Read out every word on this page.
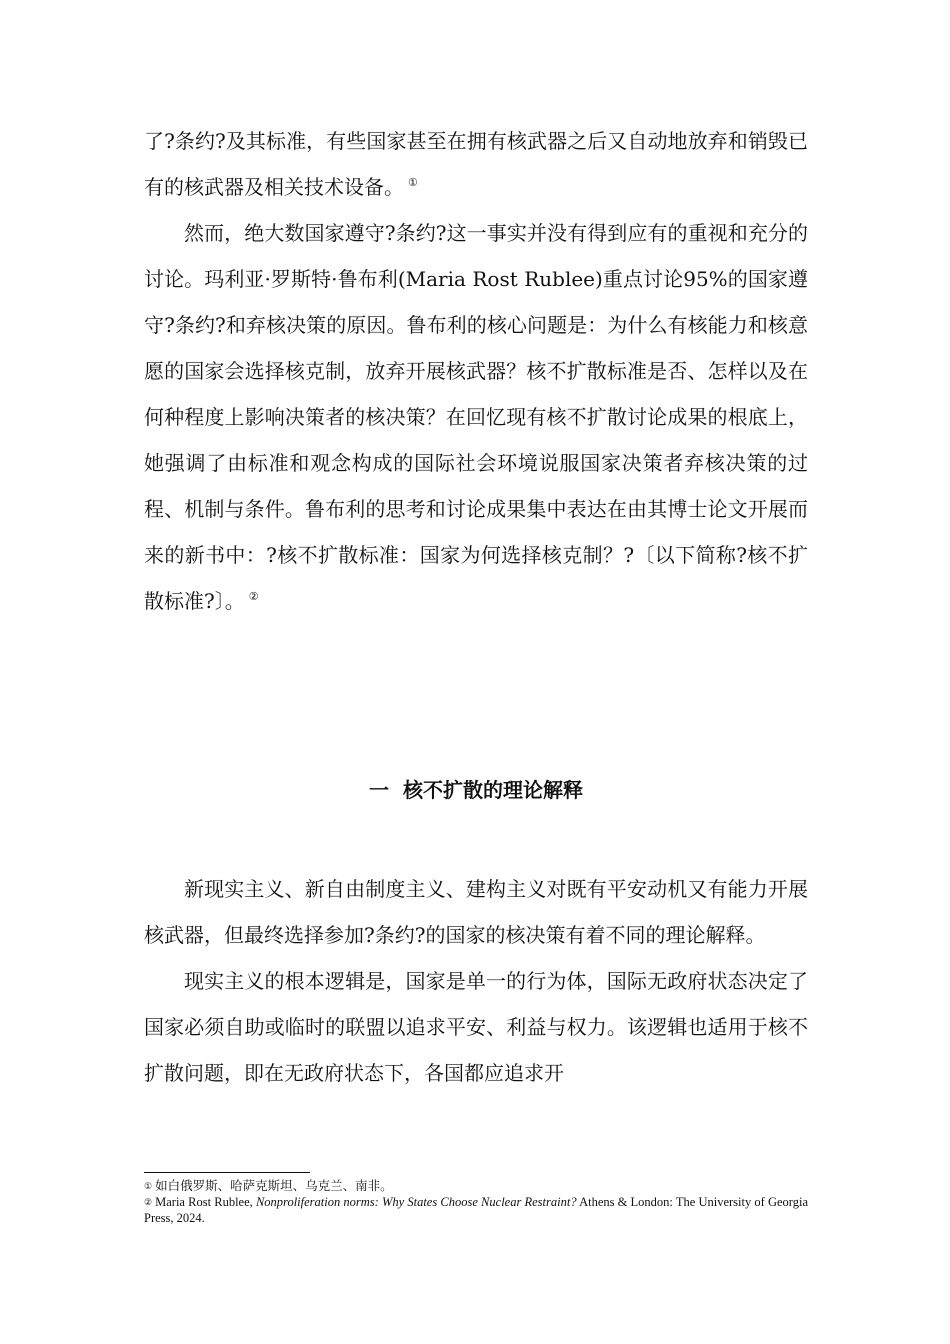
了?条约?及其标准，有些国家甚至在拥有核武器之后又自动地放弃和销毁已有的核武器及相关技术设备。 ①

然而，绝大数国家遵守?条约?这一事实并没有得到应有的重视和充分的讨论。玛利亚·罗斯特·鲁布利(Maria Rost Rublee)重点讨论95%的国家遵守?条约?和弃核决策的原因。鲁布利的核心问题是：为什么有核能力和核意愿的国家会选择核克制，放弃开展核武器？核不扩散标准是否、怎样以及在何种程度上影响决策者的核决策？在回忆现有核不扩散讨论成果的根底上，她强调了由标准和观念构成的国际社会环境说服国家决策者弃核决策的过程、机制与条件。鲁布利的思考和讨论成果集中表达在由其博士论文开展而来的新书中：?核不扩散标准：国家为何选择核克制？?〔以下简称?核不扩散标准?〕。 ②

一 核不扩散的理论解释

新现实主义、新自由制度主义、建构主义对既有平安动机又有能力开展核武器，但最终选择参加?条约?的国家的核决策有着不同的理论解释。

现实主义的根本逻辑是，国家是单一的行为体，国际无政府状态决定了国家必须自助或临时的联盟以追求平安、利益与权力。该逻辑也适用于核不扩散问题，即在无政府状态下，各国都应追求开

① 如白俄罗斯、哈萨克斯坦、乌克兰、南非。

② Maria Rost Rublee, Nonproliferation norms: Why States Choose Nuclear Restraint? Athens & London: The University of Georgia Press, 2024.
